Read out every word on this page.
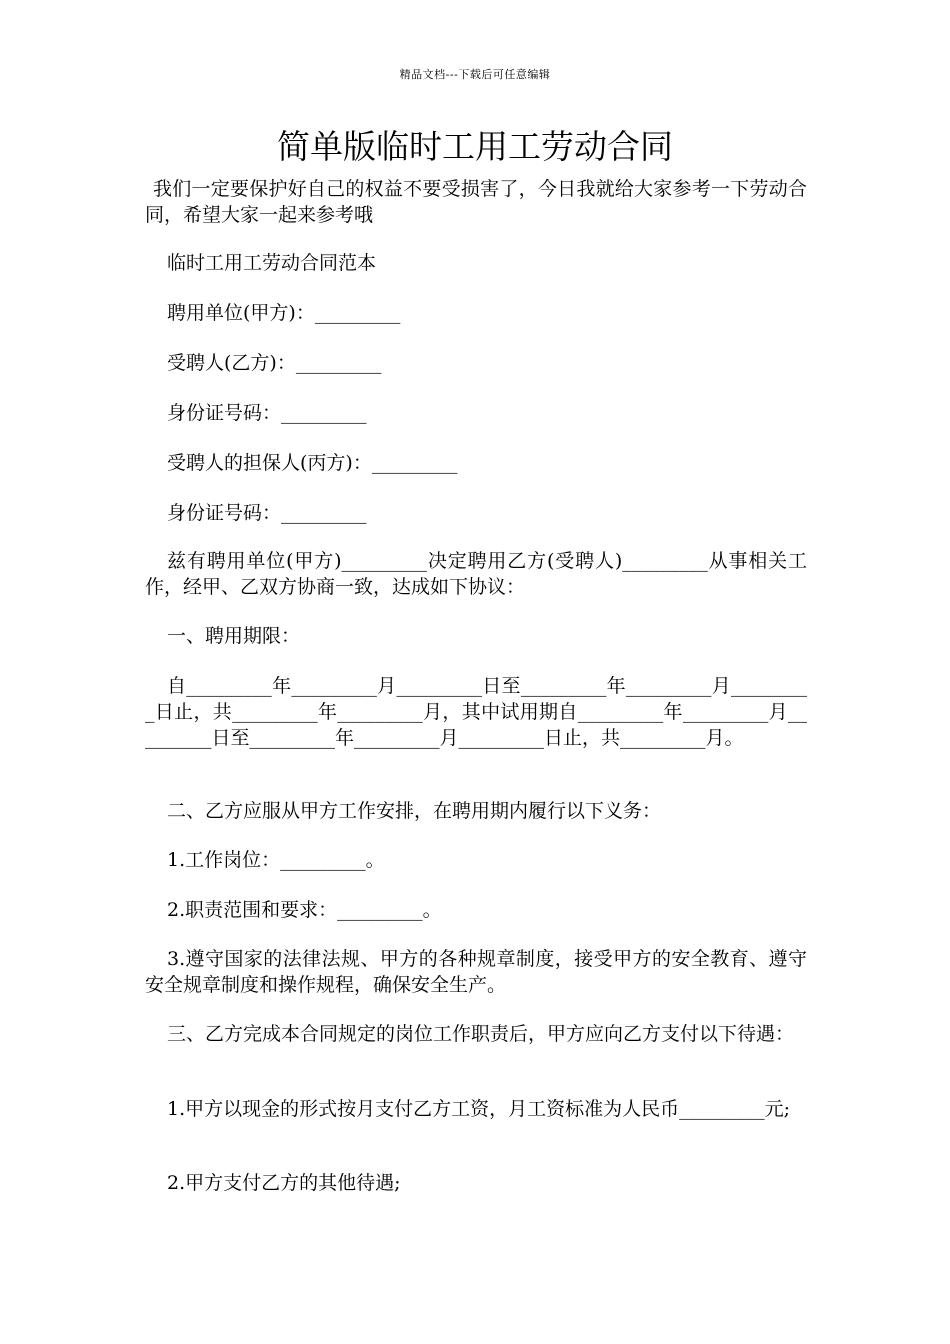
精品文档---下载后可任意编辑
简单版临时工用工劳动合同

我们一定要保护好自己的权益不要受损害了，今日我就给大家参考一下劳动合同，希望大家一起来参考哦

临时工用工劳动合同范本

聘用单位(甲方)：_________

受聘人(乙方)：_________

身份证号码：_________

受聘人的担保人(丙方)：_________

身份证号码：_________

兹有聘用单位(甲方)_________决定聘用乙方(受聘人)_________从事相关工作，经甲、乙双方协商一致，达成如下协议：

一、聘用期限：

自_________年_________月_________日至_________年_________月_________日止，共_________年_________月，其中试用期自_________年_________月_________日至_________年_________月_________日止，共_________月。

二、乙方应服从甲方工作安排，在聘用期内履行以下义务：

1.工作岗位：_________。

2.职责范围和要求：_________。

3.遵守国家的法律法规、甲方的各种规章制度，接受甲方的安全教育、遵守安全规章制度和操作规程，确保安全生产。

三、乙方完成本合同规定的岗位工作职责后，甲方应向乙方支付以下待遇：

1.甲方以现金的形式按月支付乙方工资，月工资标准为人民币_________元;

2.甲方支付乙方的其他待遇;
